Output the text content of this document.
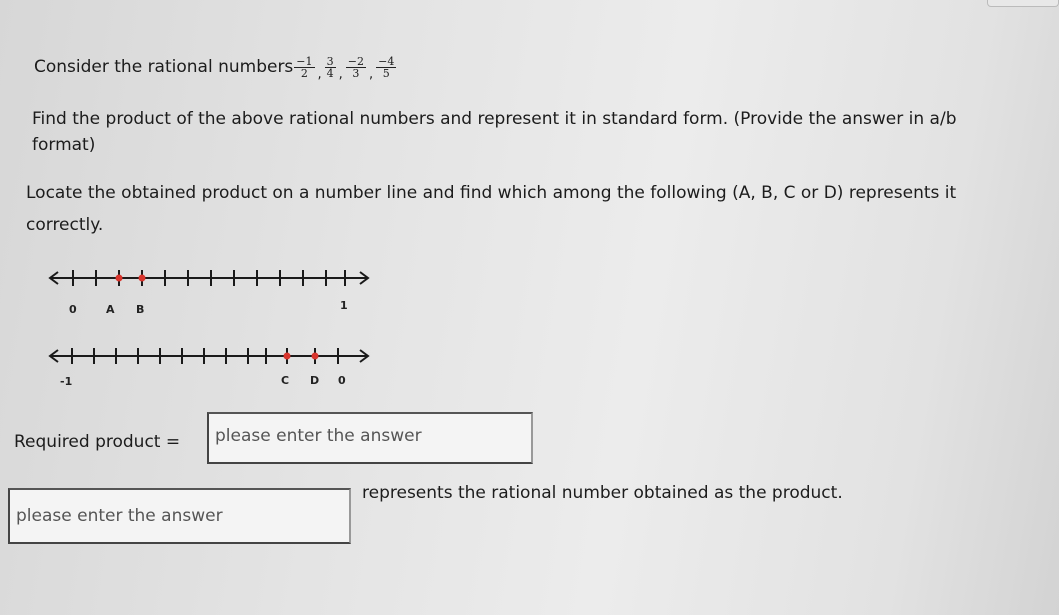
Consider the rational numbers $\frac{-1}{2} _, \frac{3}{4} _, \frac{-2}{3} _, \frac{-4}{5}$
Find the product of the above rational numbers and represent it in standard form. (Provide the answer in a/b
format)
Locate the obtained product on a number line and find which among the following (A, B, C or D) represents it
correctly.
0	A B	1
-1	C D 0
Required product =	please enter the answer
please enter the answer
represents the rational number obtained as the product.
